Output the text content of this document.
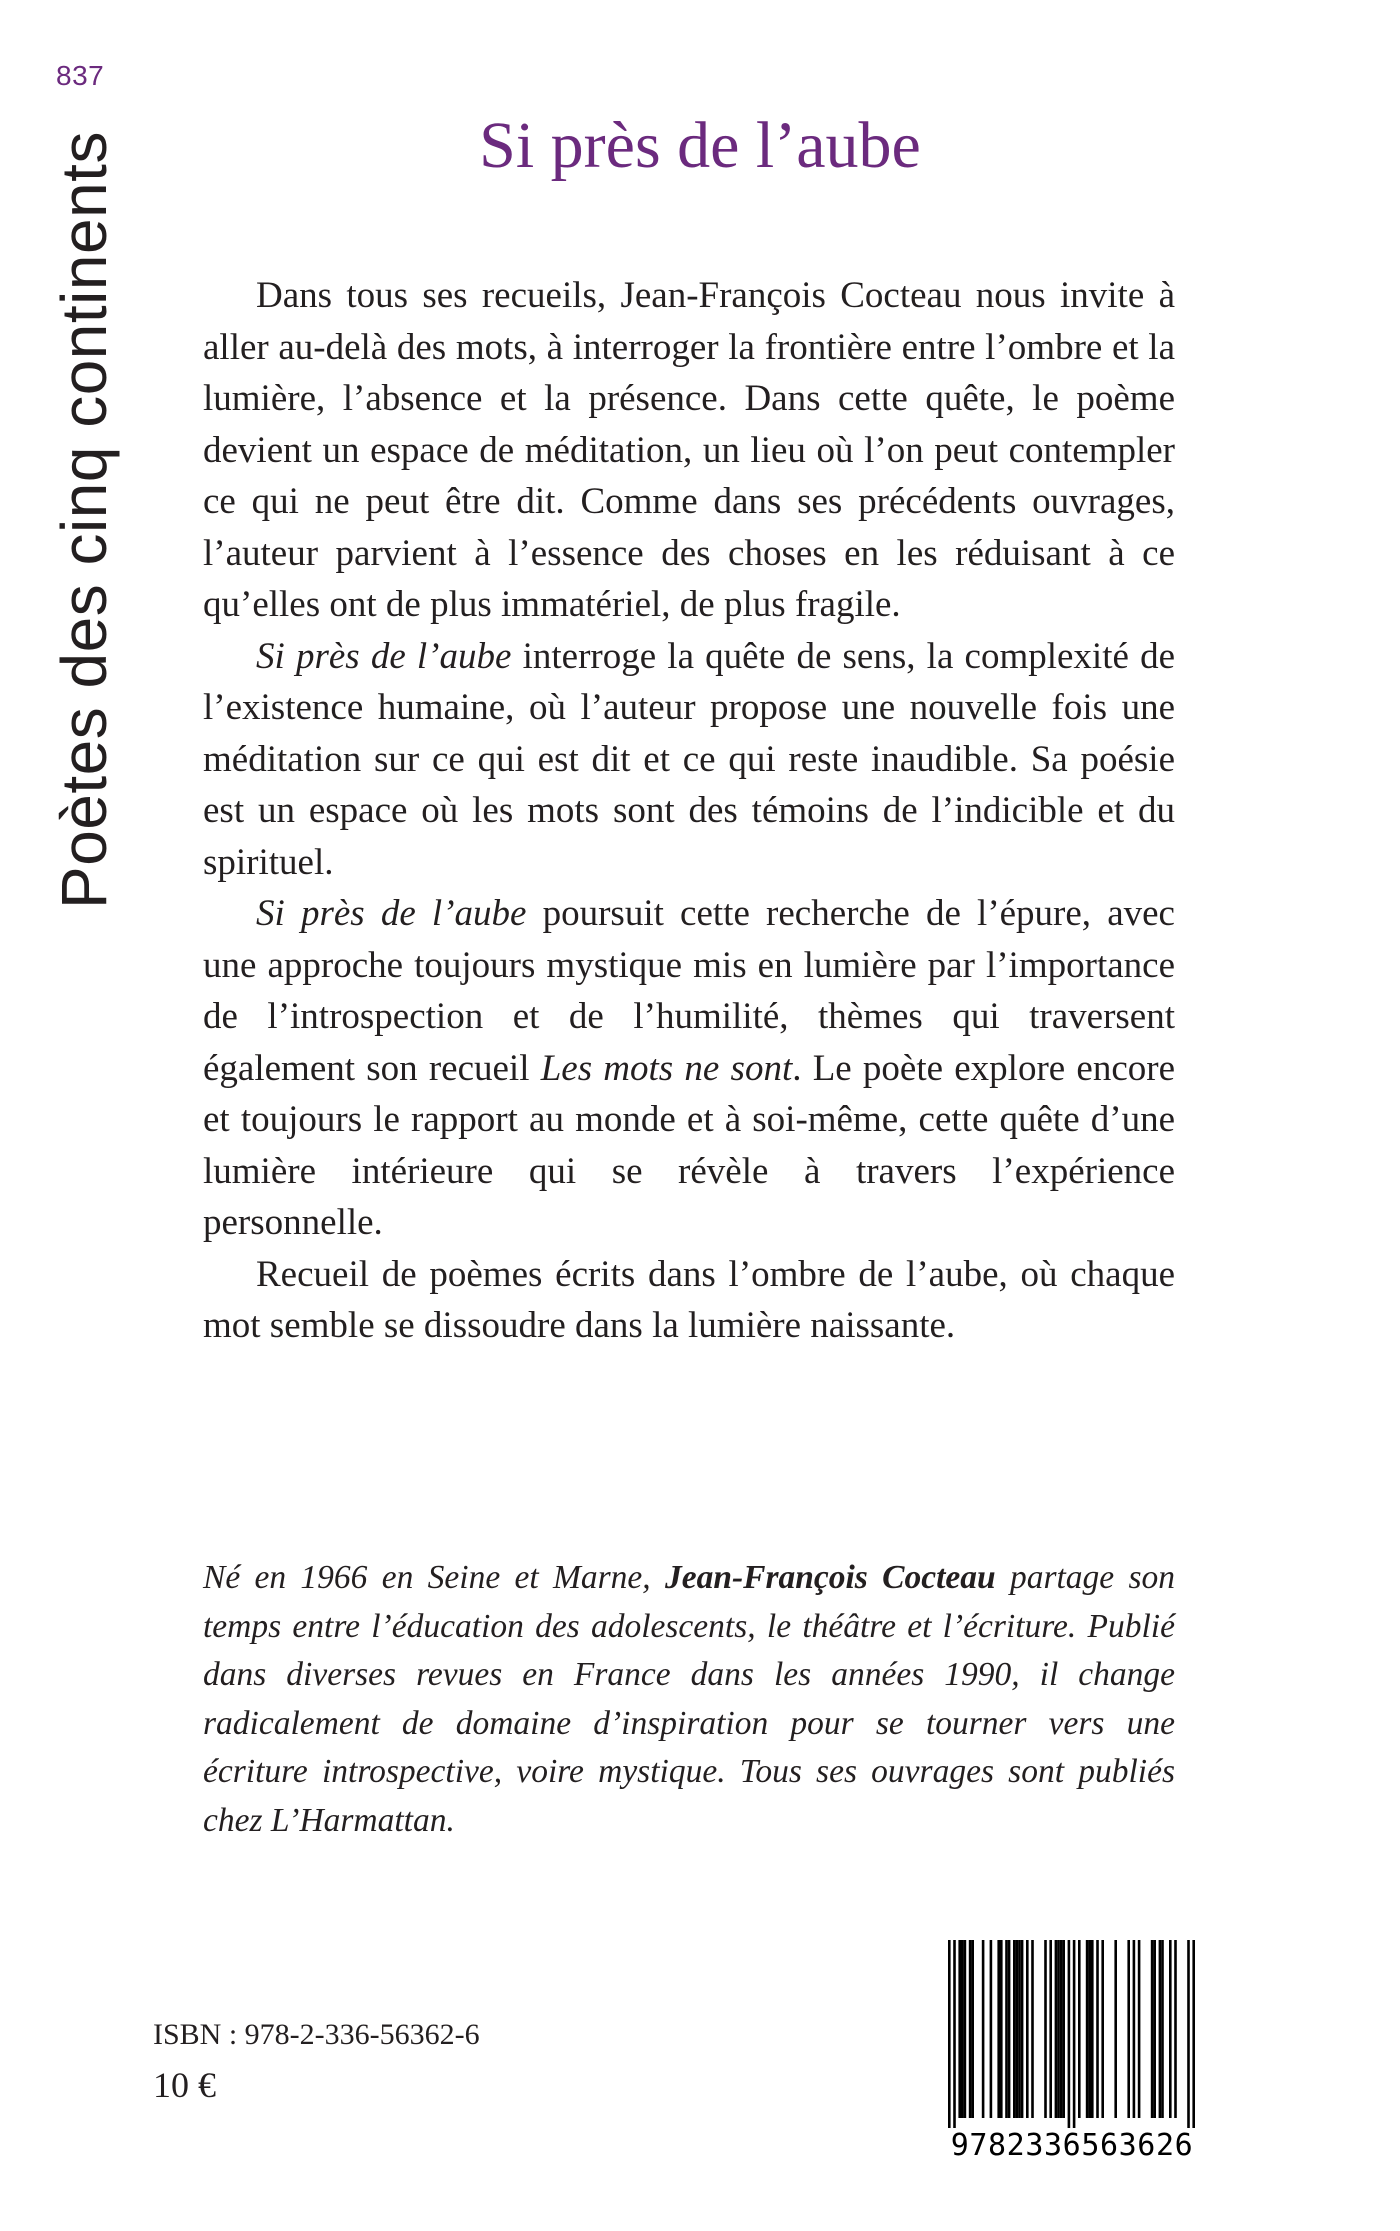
837
Poètes des cinq continents	Si près de l’aube

Dans tous ses recueils, Jean-François Cocteau nous invite à aller au-delà des mots, à interroger la frontière entre l’ombre et la lumière, l’absence et la présence. Dans cette quête, le poème devient un espace de méditation, un lieu où l’on peut contempler ce qui ne peut être dit. Comme dans ses précédents ouvrages, l’auteur parvient à l’essence des choses en les réduisant à ce qu’elles ont de plus immatériel, de plus fragile.

Si près de l’aube interroge la quête de sens, la complexité de l’existence humaine, où l’auteur propose une nouvelle fois une méditation sur ce qui est dit et ce qui reste inaudible. Sa poésie est un espace où les mots sont des témoins de l’indicible et du spirituel.

Si près de l’aube poursuit cette recherche de l’épure, avec une approche toujours mystique mis en lumière par l’importance de l’introspection et de l’humilité, thèmes qui traversent également son recueil Les mots ne sont. Le poète explore encore et toujours le rapport au monde et à soi-même, cette quête d’une lumière intérieure qui se révèle à travers l’expérience personnelle.

Recueil de poèmes écrits dans l’ombre de l’aube, où chaque mot semble se dissoudre dans la lumière naissante.

Né en 1966 en Seine et Marne, Jean-François Cocteau partage son temps entre l’éducation des adolescents, le théâtre et l’écriture. Publié dans diverses revues en France dans les années 1990, il change radicalement de domaine d’inspiration pour se tourner vers une écriture introspective, voire mystique. Tous ses ouvrages sont publiés chez L’Harmattan.

ISBN : 978-2-336-56362-6
10 €
9782336563626
